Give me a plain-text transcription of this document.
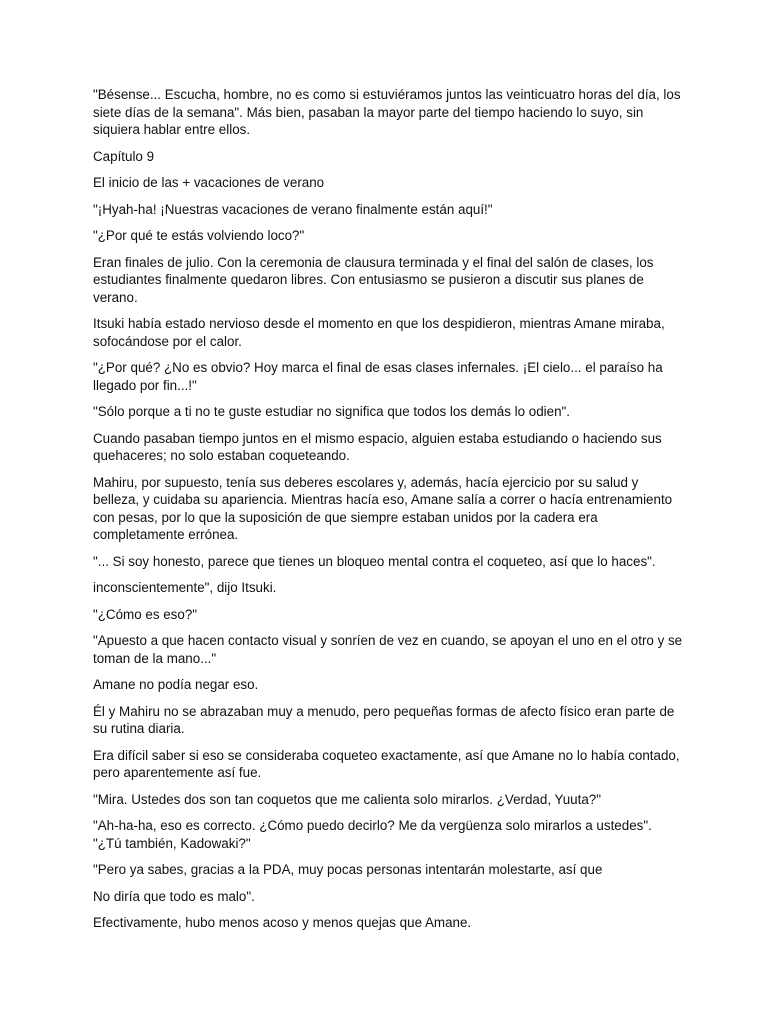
"Bésense... Escucha, hombre, no es como si estuviéramos juntos las veinticuatro horas del día, los siete días de la semana". Más bien, pasaban la mayor parte del tiempo haciendo lo suyo, sin siquiera hablar entre ellos.

Capítulo 9

El inicio de las + vacaciones de verano

"¡Hyah-ha! ¡Nuestras vacaciones de verano finalmente están aquí!"

"¿Por qué te estás volviendo loco?"

Eran finales de julio. Con la ceremonia de clausura terminada y el final del salón de clases, los estudiantes finalmente quedaron libres. Con entusiasmo se pusieron a discutir sus planes de verano.

Itsuki había estado nervioso desde el momento en que los despidieron, mientras Amane miraba, sofocándose por el calor.

"¿Por qué? ¿No es obvio? Hoy marca el final de esas clases infernales. ¡El cielo... el paraíso ha llegado por fin...!"

"Sólo porque a ti no te guste estudiar no significa que todos los demás lo odien".

Cuando pasaban tiempo juntos en el mismo espacio, alguien estaba estudiando o haciendo sus quehaceres; no solo estaban coqueteando.

Mahiru, por supuesto, tenía sus deberes escolares y, además, hacía ejercicio por su salud y belleza, y cuidaba su apariencia. Mientras hacía eso, Amane salía a correr o hacía entrenamiento con pesas, por lo que la suposición de que siempre estaban unidos por la cadera era completamente errónea.

"... Si soy honesto, parece que tienes un bloqueo mental contra el coqueteo, así que lo haces".

inconscientemente", dijo Itsuki.

"¿Cómo es eso?"

"Apuesto a que hacen contacto visual y sonríen de vez en cuando, se apoyan el uno en el otro y se toman de la mano..."

Amane no podía negar eso.

Él y Mahiru no se abrazaban muy a menudo, pero pequeñas formas de afecto físico eran parte de su rutina diaria.

Era difícil saber si eso se consideraba coqueteo exactamente, así que Amane no lo había contado, pero aparentemente así fue.

"Mira. Ustedes dos son tan coquetos que me calienta solo mirarlos. ¿Verdad, Yuuta?"

"Ah-ha-ha, eso es correcto. ¿Cómo puedo decirlo? Me da vergüenza solo mirarlos a ustedes". "¿Tú también, Kadowaki?"

"Pero ya sabes, gracias a la PDA, muy pocas personas intentarán molestarte, así que

No diría que todo es malo".

Efectivamente, hubo menos acoso y menos quejas que Amane.
